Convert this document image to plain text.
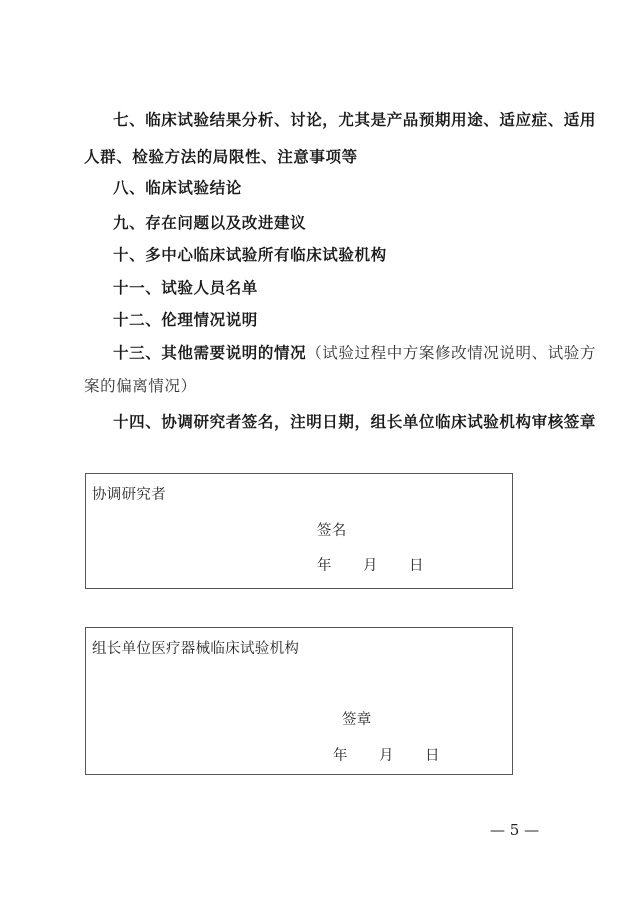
七、临床试验结果分析、讨论，尤其是产品预期用途、适应症、适用
人群、检验方法的局限性、注意事项等
八、临床试验结论
九、存在问题以及改进建议
十、多中心临床试验所有临床试验机构
十一、试验人员名单
十二、伦理情况说明
十三、其他需要说明的情况（试验过程中方案修改情况说明、试验方
案的偏离情况）
十四、协调研究者签名，注明日期，组长单位临床试验机构审核签章
协调研究者
签名
年 月 日
组长单位医疗器械临床试验机构
签章
年 月 日
— 5 —
